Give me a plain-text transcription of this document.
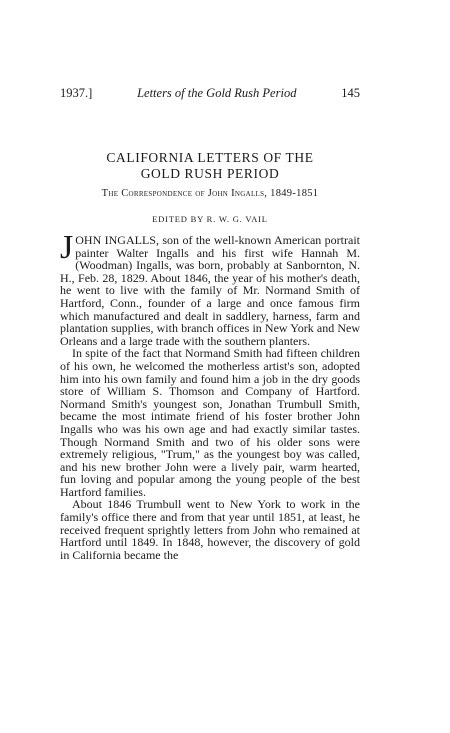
1937.]	Letters of the Gold Rush Period	145
CALIFORNIA LETTERS OF THE
GOLD RUSH PERIOD
The Correspondence of John Ingalls, 1849-1851
EDITED BY R. W. G. VAIL

JOHN INGALLS, son of the well-known American portrait painter Walter Ingalls and his first wife Hannah M. (Woodman) Ingalls, was born, probably at Sanbornton, N. H., Feb. 28, 1829. About 1846, the year of his mother's death, he went to live with the family of Mr. Normand Smith of Hartford, Conn., founder of a large and once famous firm which manufactured and dealt in saddlery, harness, farm and plantation supplies, with branch offices in New York and New Orleans and a large trade with the southern planters.

In spite of the fact that Normand Smith had fifteen children of his own, he welcomed the motherless artist's son, adopted him into his own family and found him a job in the dry goods store of William S. Thomson and Company of Hartford. Normand Smith's youngest son, Jonathan Trumbull Smith, became the most intimate friend of his foster brother John Ingalls who was his own age and had exactly similar tastes. Though Normand Smith and two of his older sons were extremely religious, "Trum," as the youngest boy was called, and his new brother John were a lively pair, warm hearted, fun loving and popular among the young people of the best Hartford families.

About 1846 Trumbull went to New York to work in the family's office there and from that year until 1851, at least, he received frequent sprightly letters from John who remained at Hartford until 1849. In 1848, however, the discovery of gold in California became the
